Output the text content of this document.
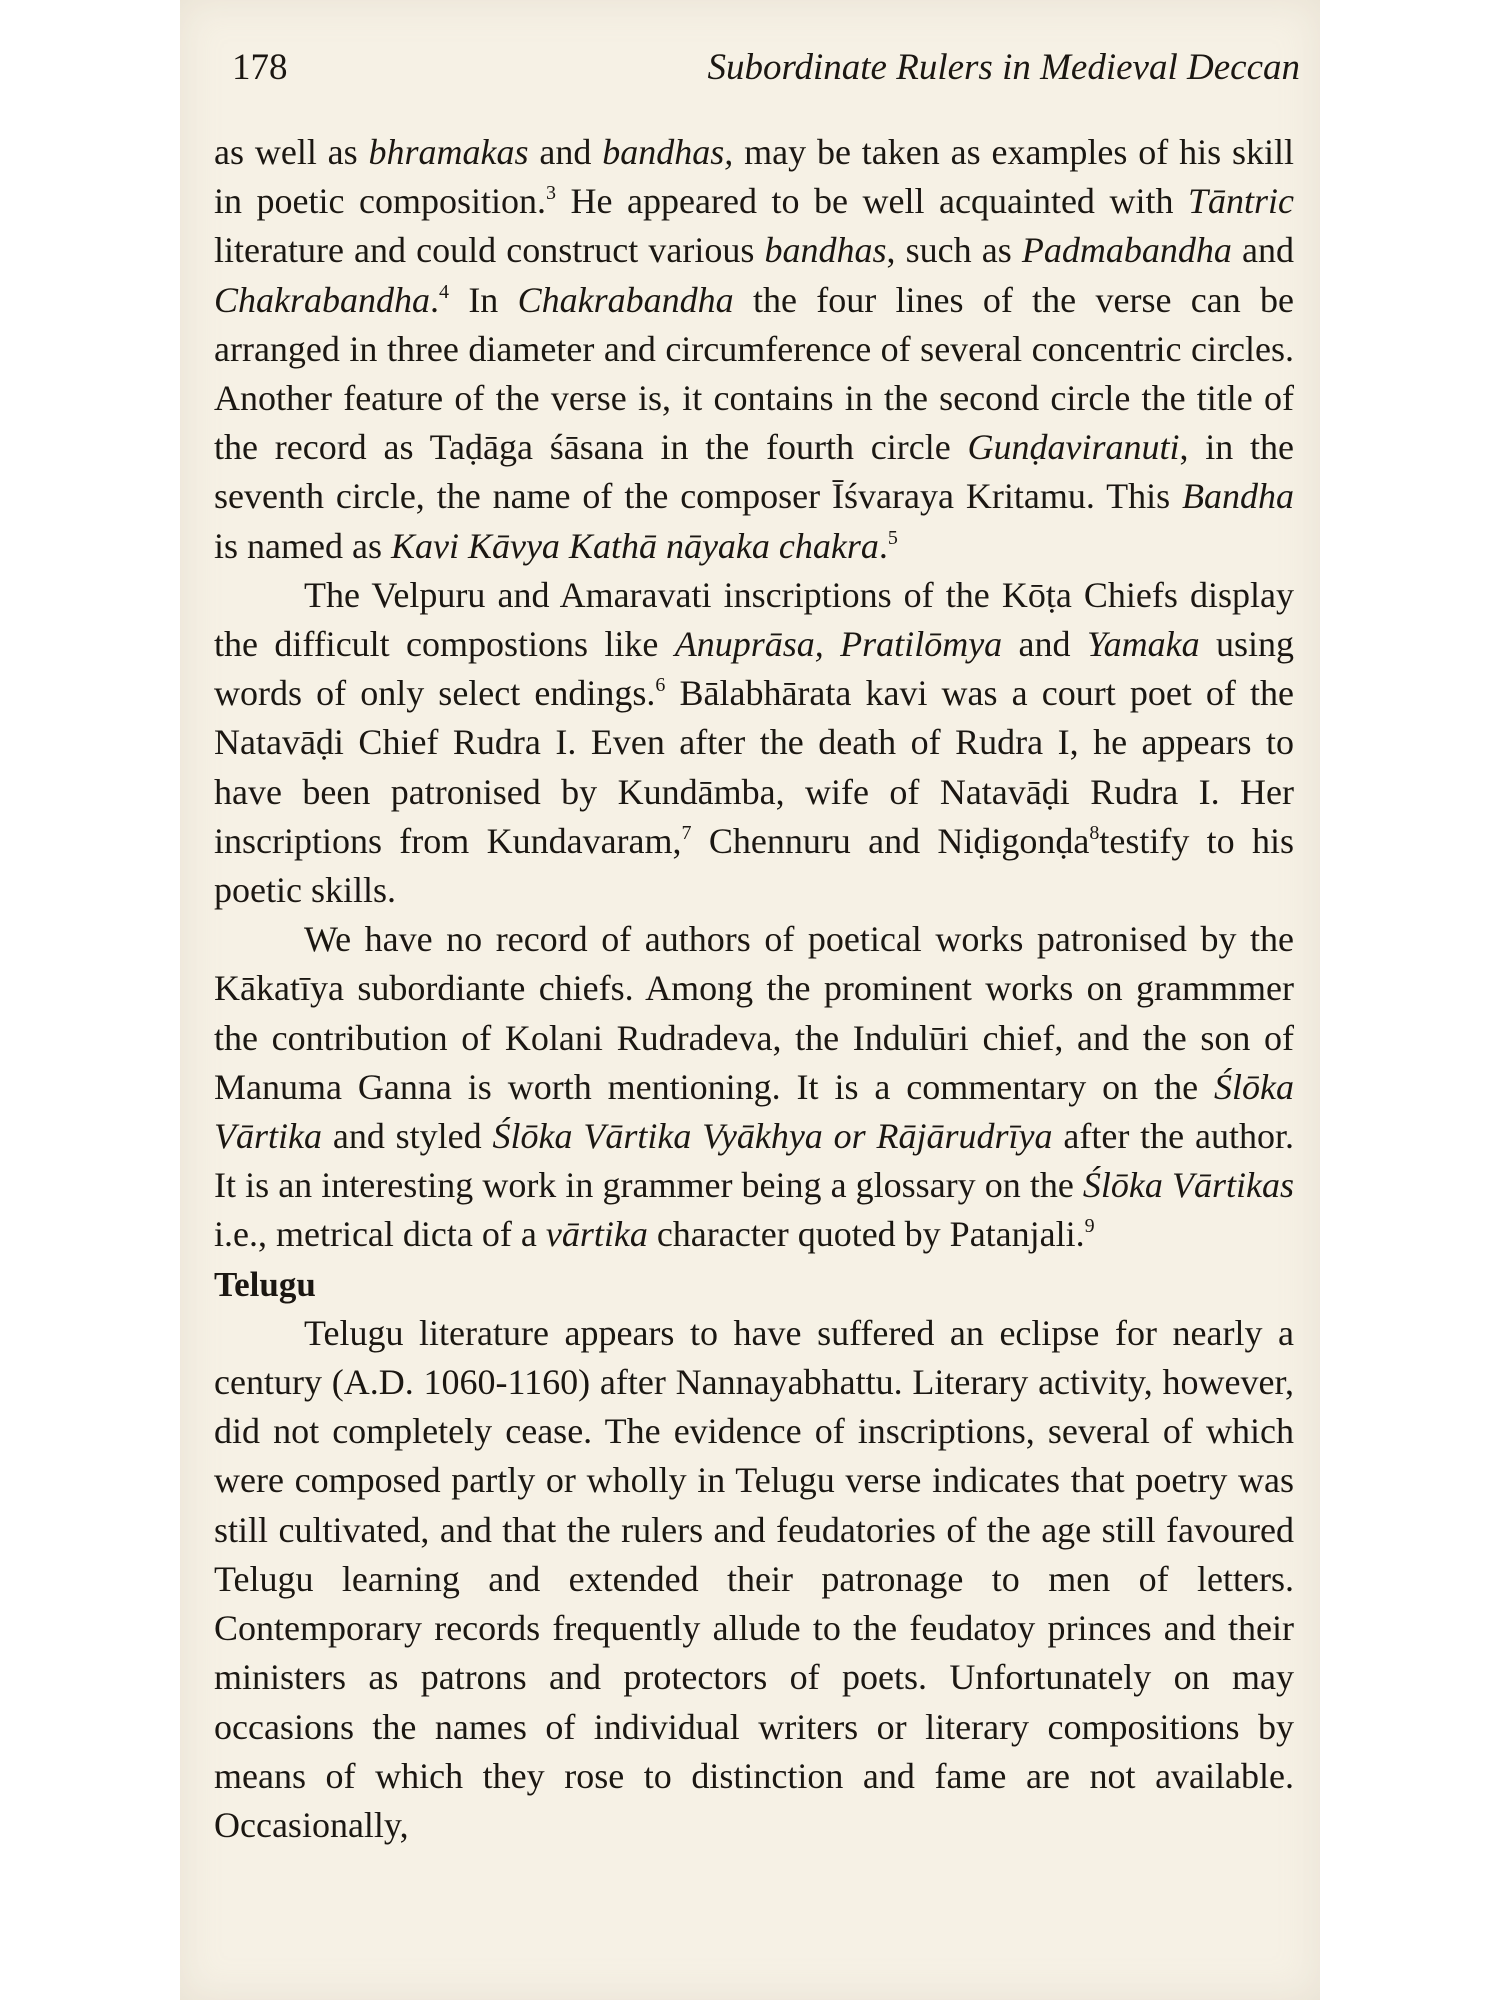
178	Subordinate Rulers in Medieval Deccan

as well as bhramakas and bandhas, may be taken as examples of his skill in poetic composition.$^3$ He appeared to be well acquainted with Tāntric literature and could construct various bandhas, such as Padmabandha and Chakrabandha.$^4$ In Chakrabandha the four lines of the verse can be arranged in three diameter and circumference of several concentric circles. Another feature of the verse is, it contains in the second circle the title of the record as Taḍāga śāsana in the fourth circle Gunḍaviranuti, in the seventh circle, the name of the composer Īśvaraya Kritamu. This Bandha is named as Kavi Kāvya Kathā nāyaka chakra.$^5$

The Velpuru and Amaravati inscriptions of the Kōṭa Chiefs display the difficult compostions like Anuprāsa, Pratilōmya and Yamaka using words of only select endings.$^6$ Bālabhārata kavi was a court poet of the Natavāḍi Chief Rudra I. Even after the death of Rudra I, he appears to have been patronised by Kundāmba, wife of Natavāḍi Rudra I. Her inscriptions from Kundavaram,$^7$ Chennuru and Niḍigonḍa$^8$testify to his poetic skills.

We have no record of authors of poetical works patronised by the Kākatīya subordiante chiefs. Among the prominent works on grammmer the contribution of Kolani Rudradeva, the Indulūri chief, and the son of Manuma Ganna is worth mentioning. It is a commentary on the Ślōka Vārtika and styled Ślōka Vārtika Vyākhya or Rājārudrīya after the author. It is an interesting work in grammer being a glossary on the Ślōka Vārtikas i.e., metrical dicta of a vārtika character quoted by Patanjali.$^9$

Telugu

Telugu literature appears to have suffered an eclipse for nearly a century (A.D. 1060-1160) after Nannayabhattu. Literary activity, however, did not completely cease. The evidence of inscriptions, several of which were composed partly or wholly in Telugu verse indicates that poetry was still cultivated, and that the rulers and feudatories of the age still favoured Telugu learning and extended their patronage to men of letters. Contemporary records frequently allude to the feudatoy princes and their ministers as patrons and protectors of poets. Unfortunately on may occasions the names of individual writers or literary compositions by means of which they rose to distinction and fame are not available. Occasionally,
